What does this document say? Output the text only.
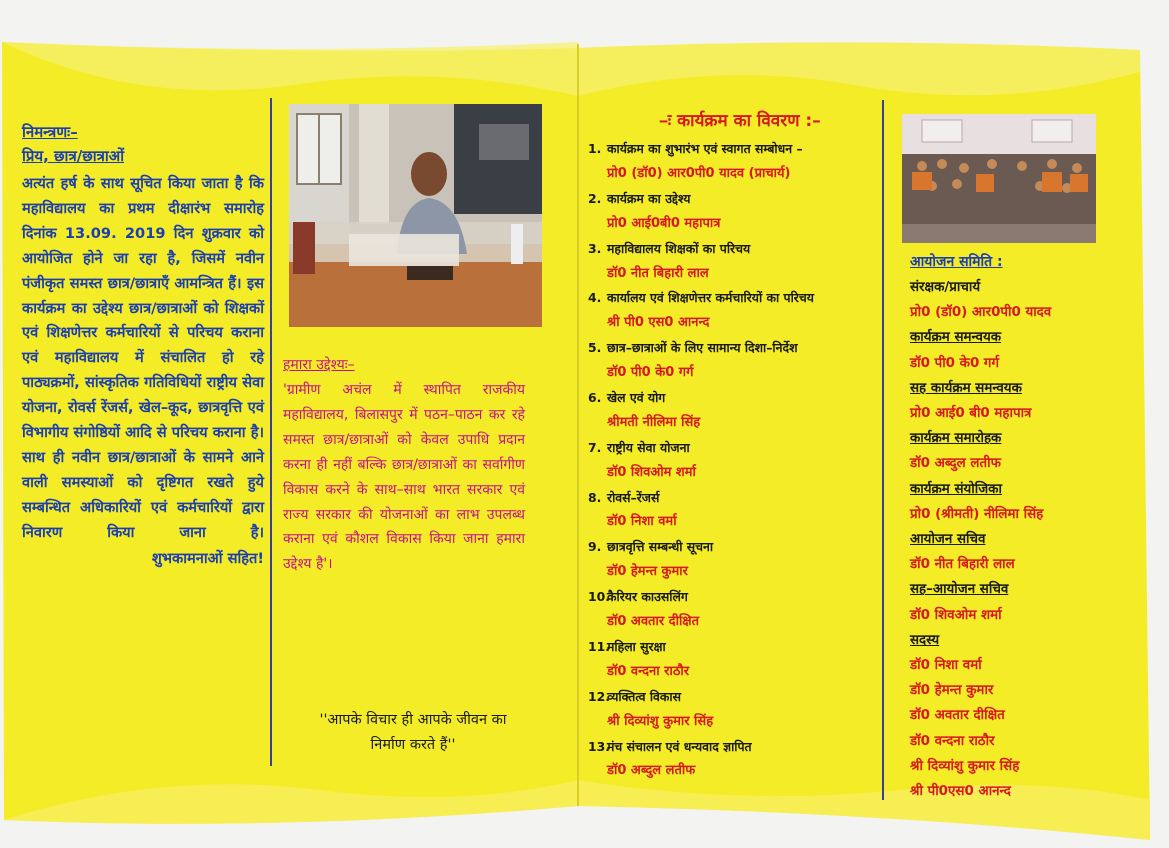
निमन्त्रणः–
प्रिय, छात्र/छात्राओं
अत्यंत हर्ष के साथ सूचित किया जाता है कि महाविद्यालय का प्रथम दीक्षारंभ समारोह दिनांक 13.09. 2019 दिन शुक्रवार को आयोजित होने जा रहा है, जिसमें नवीन पंजीकृत समस्त छात्र/छात्राएँ आमन्त्रित हैं। इस कार्यक्रम का उद्देश्य छात्र/छात्राओं को शिक्षकों एवं शिक्षणेत्तर कर्मचारियों से परिचय कराना एवं महाविद्यालय में संचालित हो रहे पाठ्यक्रमों, सांस्कृतिक गतिविधियों राष्ट्रीय सेवा योजना, रोवर्स रेंजर्स, खेल–कूद, छात्रवृत्ति एवं विभागीय संगोष्ठियों आदि से परिचय कराना है। साथ ही नवीन छात्र/छात्राओं के सामने आने वाली समस्याओं को दृष्टिगत रखते हुये सम्बन्धित अधिकारियों एवं कर्मचारियों द्वारा निवारण किया जाना है।
शुभकामनाओं सहित!
हमारा उद्देश्यः–
'ग्रामीण अचंल में स्थापित राजकीय महाविद्यालय, बिलासपुर में पठन–पाठन कर रहे समस्त छात्र/छात्राओं को केवल उपाधि प्रदान करना ही नहीं बल्कि छात्र/छात्राओं का सर्वागीण विकास करने के साथ–साथ भारत सरकार एवं राज्य सरकार की योजनाओं का लाभ उपलब्ध कराना एवं कौशल विकास किया जाना हमारा उद्देश्य है'।
''आपके विचार ही आपके जीवन का
निर्माण करते हैं''
–ः कार्यक्रम का विवरण :–
1. कार्यक्रम का शुभारंभ एवं स्वागत सम्बोधन –
प्रो0 (डॉ0) आर0पी0 यादव (प्राचार्य)
2. कार्यक्रम का उद्देश्य
प्रो0 आई0बी0 महापात्र
3. महाविद्यालय शिक्षकों का परिचय
डॉ0 नीत बिहारी लाल
4. कार्यालय एवं शिक्षणेत्तर कर्मचारियों का परिचय
श्री पी0 एस0 आनन्द
5. छात्र–छात्राओं के लिए सामान्य दिशा–निर्देश
डॉ0 पी0 के0 गर्ग
6. खेल एवं योग
श्रीमती नीलिमा सिंह
7. राष्ट्रीय सेवा योजना
डॉ0 शिवओम शर्मा
8. रोवर्स–रेंजर्स
डॉ0 निशा वर्मा
9. छात्रवृत्ति सम्बन्धी सूचना
डॉ0 हेमन्त कुमार
10.कैरियर काउसलिंग
डॉ0 अवतार दीक्षित
11.महिला सुरक्षा
डॉ0 वन्दना राठौर
12.व्यक्तित्व विकास
श्री दिव्यांशु कुमार सिंह
13.मंच संचालन एवं धन्यवाद ज्ञापित
डॉ0 अब्दुल लतीफ
आयोजन समिति :
संरक्षक/प्राचार्य
प्रो0 (डॉ0) आर0पी0 यादव
कार्यक्रम समन्वयक
डॉ0 पी0 के0 गर्ग
सह कार्यक्रम समन्वयक
प्रो0 आई0 बी0 महापात्र
कार्यक्रम समारोहक
डॉ0 अब्दुल लतीफ
कार्यक्रम संयोजिका
प्रो0 (श्रीमती) नीलिमा सिंह
आयोजन सचिव
डॉ0 नीत बिहारी लाल
सह–आयोजन सचिव
डॉ0 शिवओम शर्मा
सदस्य
डॉ0 निशा वर्मा
डॉ0 हेमन्त कुमार
डॉ0 अवतार दीक्षित
डॉ0 वन्दना राठौर
श्री दिव्यांशु कुमार सिंह
श्री पी0एस0 आनन्द
